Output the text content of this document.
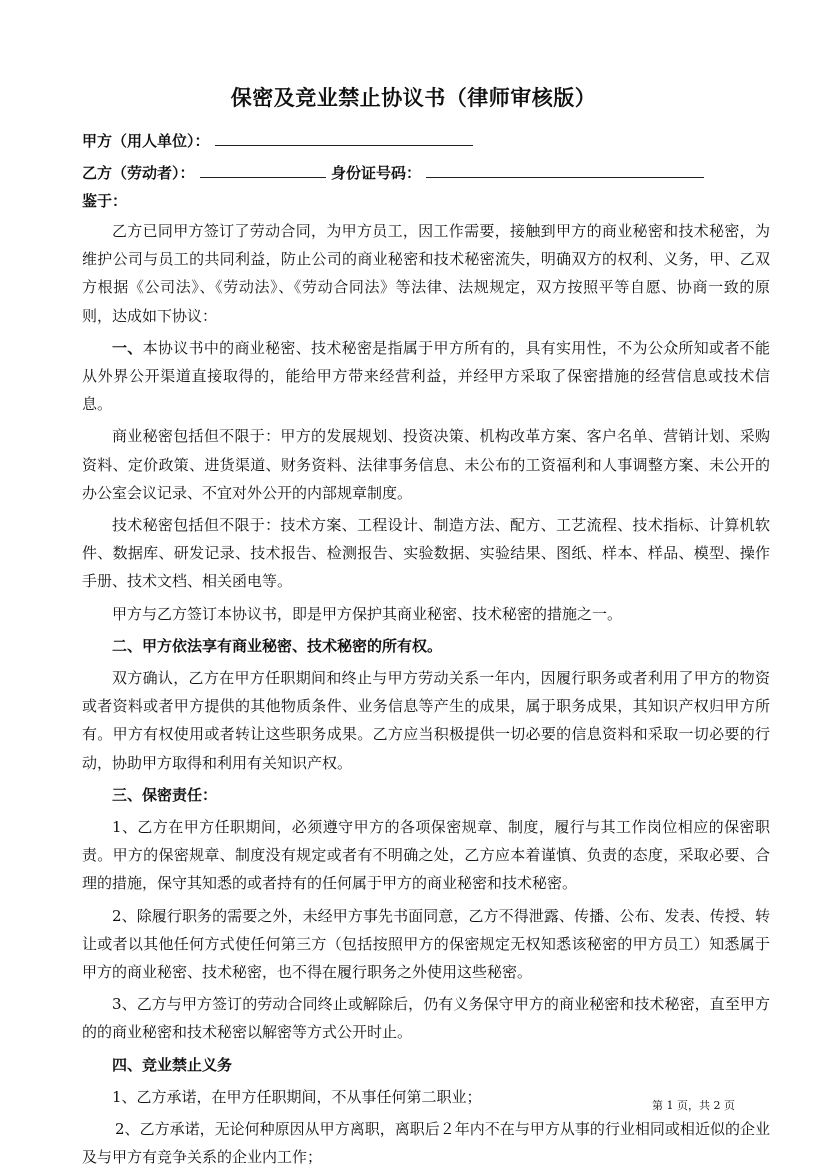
保密及竞业禁止协议书（律师审核版）
甲方（用人单位）：
乙方（劳动者）：	身份证号码：
鉴于：

乙方已同甲方签订了劳动合同，为甲方员工，因工作需要，接触到甲方的商业秘密和技术秘密，为维护公司与员工的共同利益，防止公司的商业秘密和技术秘密流失，明确双方的权利、义务，甲、乙双方根据《公司法》、《劳动法》、《劳动合同法》等法律、法规规定，双方按照平等自愿、协商一致的原则，达成如下协议：

一、本协议书中的商业秘密、技术秘密是指属于甲方所有的，具有实用性，不为公众所知或者不能从外界公开渠道直接取得的，能给甲方带来经营利益，并经甲方采取了保密措施的经营信息或技术信息。

商业秘密包括但不限于：甲方的发展规划、投资决策、机构改革方案、客户名单、营销计划、采购资料、定价政策、进货渠道、财务资料、法律事务信息、未公布的工资福利和人事调整方案、未公开的办公室会议记录、不宜对外公开的内部规章制度。

技术秘密包括但不限于：技术方案、工程设计、制造方法、配方、工艺流程、技术指标、计算机软件、数据库、研发记录、技术报告、检测报告、实验数据、实验结果、图纸、样本、样品、模型、操作手册、技术文档、相关函电等。

甲方与乙方签订本协议书，即是甲方保护其商业秘密、技术秘密的措施之一。

二、甲方依法享有商业秘密、技术秘密的所有权。

双方确认，乙方在甲方任职期间和终止与甲方劳动关系一年内，因履行职务或者利用了甲方的物资或者资料或者甲方提供的其他物质条件、业务信息等产生的成果，属于职务成果，其知识产权归甲方所有。甲方有权使用或者转让这些职务成果。乙方应当积极提供一切必要的信息资料和采取一切必要的行动，协助甲方取得和利用有关知识产权。

三、保密责任：

1、乙方在甲方任职期间，必须遵守甲方的各项保密规章、制度，履行与其工作岗位相应的保密职责。甲方的保密规章、制度没有规定或者有不明确之处，乙方应本着谨慎、负责的态度，采取必要、合理的措施，保守其知悉的或者持有的任何属于甲方的商业秘密和技术秘密。

2、除履行职务的需要之外，未经甲方事先书面同意，乙方不得泄露、传播、公布、发表、传授、转让或者以其他任何方式使任何第三方（包括按照甲方的保密规定无权知悉该秘密的甲方员工）知悉属于甲方的商业秘密、技术秘密，也不得在履行职务之外使用这些秘密。

3、乙方与甲方签订的劳动合同终止或解除后，仍有义务保守甲方的商业秘密和技术秘密，直至甲方的的商业秘密和技术秘密以解密等方式公开时止。

四、竞业禁止义务

1、乙方承诺，在甲方任职期间，不从事任何第二职业；

2、乙方承诺，无论何种原因从甲方离职，离职后２年内不在与甲方从事的行业相同或相近似的企业及与甲方有竞争关系的企业内工作；

第 1 页，共 2 页
